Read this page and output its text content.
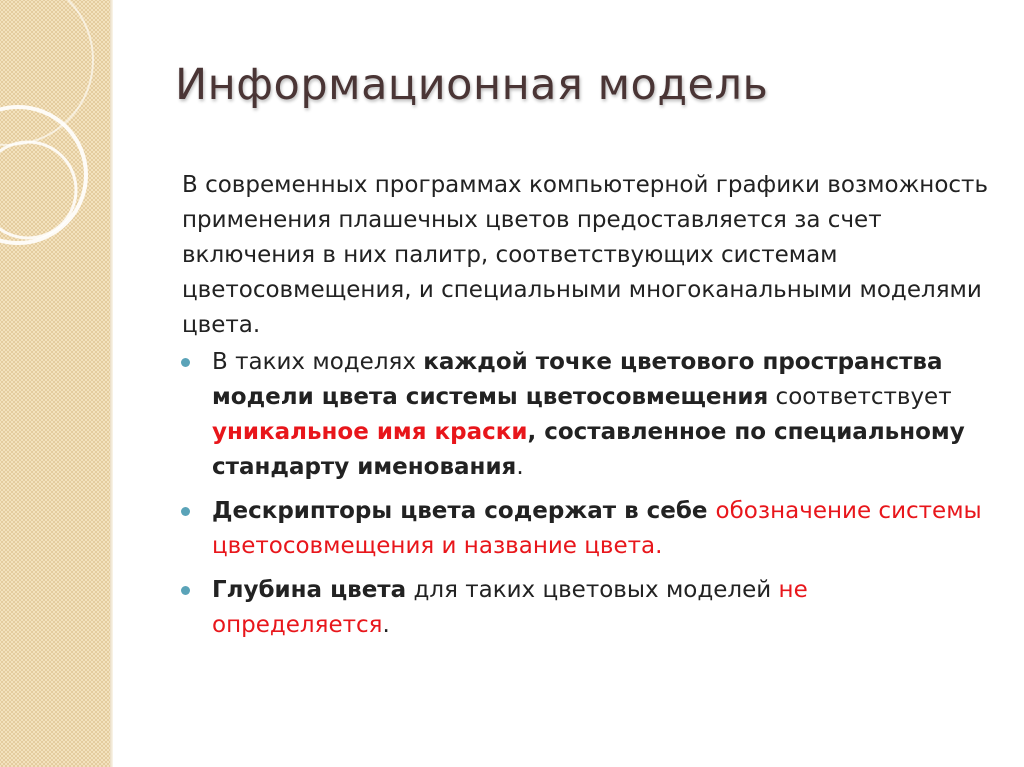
Информационная модель

В современных программах компьютерной графики возможность применения плашечных цветов предоставляется за счет включения в них палитр, соответствующих системам цветосовмещения, и специальными многоканальными моделями цвета.

В таких моделях каждой точке цветового пространства модели цвета системы цветосовмещения соответствует уникальное имя краски, составленное по специальному стандарту именования.
Дескрипторы цвета содержат в себе обозначение системы цветосовмещения и название цвета.
Глубина цвета для таких цветовых моделей не определяется.
